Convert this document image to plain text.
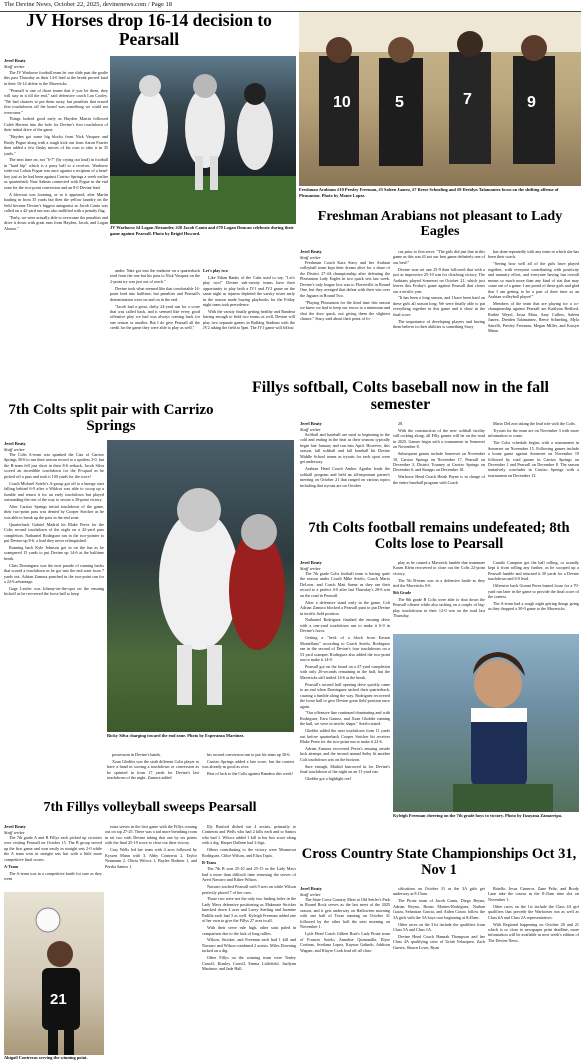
The Devine News, October 22, 2025, devinenews.com / Page 18
JV Horses drop 16-14 decision to Pearsall
Jerel Beaty
Staff writer

The JV Warhorse football team let one slide past the goalie this past Thursday as their 14-0 lead at the break proved fatal in their 16-14 defeat to the Mavericks.

"Pearsall is one of those teams that if you let them, they will stay in it till the end," said defensive coach Lon Cooley. "We had chances to put them away, but penalties that erased first touchdowns off the board was something we could not overcome."

Things looked good early as Hayden Martin followed Caleb Herrera into the hole for Devine's first touchdown of their initial drive of the game.

"Hayden got some big blocks from Nick Vasquez and Brody Pogue along with a tough kick out from Aaron Frazier then added a few flashy moves of his own to take it in 35 yards."

The next time on, not "6-7" (by crying out loud) in football in "hard hip" which is a pony ball to a receiver. Warhorse wide-out Colton Pogue was once against a recipient of a head-boy just as he had been against Carrizo Springs a week earlier as quarterback Nate Salinas connected with Pogue in the end zone for the two-point conversion and an 8-0 Devine lead.

A blowout was looming, or so it appeared, after Martin hauling in from 35 yards but then the yellow laundry on the field became Devine's biggest antagonist as Jacob Cantu was called on a 42-yard run was also nullified with a penalty flag.

"Early, we were actually able to overcome the penalties and drive it down with great runs from Hayden, Jacob, and Logan Alonzo."	JV Warhorse #4 Logan Alexander, #20 Jacob Cantu and #70 Logan Duncan celebrate during their game against Pearsall. Photo by Brigid Howard.

under. Nate got into the endzone on a quarterback read from the one but his pass to Nick Vasquez on the 2-point try was just out of reach."

Devine took what seemed like that comfortable 14-point lead into halftime, but penalties and Pearsall's determination wore on and on in the end.

"Jacob had a great, shifty 24-yard run for a score that was called back, and it seemed like every good offensive play we had was always coming back for one reason or another. But I do give Pearsall all the credit for the game they were able to play as well."

Let's play two

Like Ethan Banks of the Cubs used to say, "Let's play two!" Devine sub-varsity teams have their opportunity to play both a JV1 and JV2 game on the same night as injuries depleted the varsity roster early in the season made buying playbooks for the Friday night team took precedence.

With the varsity finally getting healthy and Bandera having enough to field two teams as well, Devine will play two separate games in Bulldog Stadium with the JV2 taking the field at 5pm. The JV1 game will follow.

10	5	7	9
Freshman Arabians #10 Presley Freeman, #5 Saleen Juarez, #7 Reese Schneling and #9 Dreidyn Talamantez focus on the shifting offense of Pleasanton. Photo by Monte Lopez.
Freshman Arabians not pleasant to Lady Eagles
Jerel Beaty
Staff writer

Freshman Coach Kara Stacy and her Arabian volleyball team kept their dream alive for a share of the District 27-4A championship after defeating the Pleasanton Lady Eagles in two quick sets last week. Devine's only league loss was to Floresville in Round One, but they avenged that defeat with their win over the Jaguars in Round Two.

"Playing Pleasanton for the third time this season we knew we had to keep our errors to a minimum and shut the door quick, not giving them the slightest chance," Stacy said about their point of fo-

cus prior to first serve. "The girls did just that in this game as this was ill not our best game definitely one of our best!"

Devine won set one 25-9 then followed that with a just as impressive 25-10 win for clinching victory. The Arabians played Somerset on October 21, which just leaves this Friday's game against Pearsall that closes out a terrific year.

"It has been a long season, and I have been hard on these girls all season long. We were finally able to put everything together in this game and it show in the final score.

The importance of developing players and having them believe in their abilities is something Stacy

has done repeatedly with any team in which she has been their coach.

"Seeing how well all of the girls have played together, with everyone contributing with positivity and maturity effort, and everyone having fun overall means so much more than any kind of stat that may come out of a game. I am proud of these girls and glad that I am getting to be a part of their time as an Arabian volleyball player!"

Members of the team that are playing for a co-championship against Pearsall are Kaitlynn Bedford, Ruthie Weyel, Jossa Mata, Amy Cullers, Saleen Juarez, Dreiden Talamantez, Reese Schneling, Myla Satrelli, Presley Freeman, Megan Miller, and Karsyn Mann.

Fillys softball, Colts baseball now in the fall semester
Jerel Beaty
Staff writer

Softball and baseball are used to beginning in the cold and ending in the heat as their seasons typically begin late January and run into April. However, this season, fall softball and fall baseball hit Devine Middle School teams as tryouts for each sport were get underway.

Arabian Head Coach Amber Aguilar leads the softball program and held an all-important parent's meeting on October 21 that ranged on various topics including that tryouts are on October

28.

With the construction of the new softball facility still rocking along, all Filly games will be on the road in 2025. Games begin with a tournament in Somerset on November 8.

Subsequent games include Somerset on November 10, Carrizo Springs on November 17, Pearsall on December 3, District Tourney at Carrizo Springs on December 6, and Knapps on December 10.

Warhorse Head Coach Heath Payne is in charge of the entire baseball program with Coach

Mario DeLeon taking the lead role with the Colts.

Tryouts for the team are on November 3 with more information to come.

The Colts schedule begins with a tournament in Somerset on November 15. Following games include a home game against Somerset on November 19 followed by road games in Carrizo Springs on December 1 and Pearsall on December 8. The season tentatively concludes in Carrizo Springs with a tournament on December 13.

7th Colts split pair with Carrizo Springs
Jerel Beaty
Staff writer

The Colts A-team was spanked the Cats of Carrizo Springs 30-6 to run their season record to a spotless 3-0, but the B-team fell just short in their 8-6 setback. Jacob Silva scored an incredible touchdown for the B-squad as he picked off a pass and took it 100 yards for the score!

Coach Michael Sotelo's A-group got off to a bumpy start falling behind 6-0 after a Wildcat was able to scoop up a fumble and return it for an early touchdown but played outstanding the rest of the way to secure a 30-point victory.

After Carrizo Springs initial touchdown of the game, their two-point pass was denied by Cooper Stricker as he was able to break up the pass in the end zone.

Quarterback Gabriel Madrid hit Blake Perez for the Colts second touchdown of the night on a 42-yard pass completion. Nathaniel Rodriguez ran in the two-pointer to put Devine up 8-6, a lead they never relinquished.

Running back Kyle Johnson got in on the fun as he scampered 15 yards to put Devine up 14-6 at the halftime break.

Chris Dominguez was the next parade of running backs that scored a touchdown as he got into the end zone from 7 yards out. Adrian Zamora punched in the two-point run for a 22-6 advantage.

Gage Lawler was Johnny-on-the-spot on the ensuing kickoff as he recovered the loose ball to keep

Ricky Silva charging toward the end zone. Photo by Esperanza Martinez.

possession in Devine's hands.

Xzan Gloditis was the sixth different Colts player to have a hand in scoring a touchdown or conversion as he sprinted in from 17 yards for Devine's last touchdown of the night. Zamora added

his second conversion run to put his team up 30-6.

Carrizo Springs added a late score, but the contest was already as good as over.

Best of luck to the Colts against Bandera this week!

7th Colts football remains undefeated; 8th Colts lose to Pearsall
Jerel Beaty
Staff writer

The 7th grade Colts football team is having quite the season under Coach Mike Sotelo, Coach Mario DeLeon, and Coach Matt Saenz as they ran their record to a perfect 4-0 after last Thursday's 28-6 win on the road in Pearsall.

After a defensive stand early in the game, Colt Adrian Zamora blocked a Pearsall punt to put Devine in terrific field position.

Nathaniel Rodriguez finished the ensuing drive with a one-yard touchdown run to make it 6-0 in Devine's favor.

Getting a "heck of a block from Easton Montellano" according to Coach Sotelo, Rodriguez ran in the second of Devine's four touchdowns on a 53 yard scamper. Rodriguez also added the two-point run to make it 14-0.

Pearsall got on the board on a 47-yard completion with only 26-seconds remaining in the half, but the Mavericks still trailed 14-6 at the break.

Pearsall's second half opening drive quickly came to an end when Dominguez sacked their quarterback, causing a fumble along the way. Rodriguez recovered the loose ball to give Devine great field position once again.

"Our offensive line continued dominating and with Rodriguez, Ezra Gamez, and Xzan Gloddie running the ball, we were in terrific shape," Sotelo stated.

Gloddie added the next touchdown from 11 yards out before quarterback Cooper Stricker hit receiver Blake Perez for the two-point run to make it 22-6.

Adrian Zamora recovered Perez's ensuing onside kick attempt, and the second annual Sethy lit another Colt touchdown was on the horizon.

Sure enough, Madrid burrowed in for Devine's final touchdown of the night on an 11-yard run.

Gloddie got a highlight reel

play as he caused a Maverick fumble that teammate Kasen Klein recovered to close out the Colts 22-point victory.

The 7th B-team was in a defensive battle as they tied the Mavericks 0-0.

8th Grade

The 8th grade B Colts were able to shut down the Pearsall offense while also tacking on a couple of big-play touchdowns in their 12-0 win on the road last Thursday.

Camilo Campion got the ball rolling, or actually kept it from rolling any further, as he scooped up a Pearsall fumble and returned it 30 yards for a Devine touchdown and 6-0 lead.

Offensive back Gionni Perez busted loose for a 70-yard run later in the game to provide the final score of the contest.

The A-team had a rough night getting things going as they dropped a 30-0 game to the Mavericks.

Kyleigh Freeman cheering on the 7th grade boys to victory. Photo by Itzayana Zamarripa.
7th Fillys volleyball sweeps Pearsall
Jerel Beaty
Staff writer

The 7th grade A and B Fillys each picked up victories over visiting Pearsall on October 15. The B group served up the first game and won easily in straight sets 2-0 while the A team won in straight sets but with a little more competitive final scores.

A-Team

The A-team was in a competitive battle for sure as they went

21
Abigail Contreras serving the winning point.

extra serves in the first game with the Fillys coming out on top 27-25. There was a tad more breathing room in set two with Devine taking that one by six points with the final 25-19 score to close out their victory.

Cary Wells led her team with 4 aces followed by Kyssen Mann with 3, Abby Contreras 2, Taylor Neumann 2, Olivia Wilcox 1, Baylee Bodiner 1, and Persha Santos 1.

Illy Burford dished out 4 assists, primarily to Contreras and Wells who had 2 kills each and to Santos who had 1. Wilcox added 1 kill to her box score along with a dig. Harper Dullene had 2 digs.

Others contributing to the victory were Monserrat Rodriguez, Chloe Wilson, and Eliza Tapia.

B-Team

The 7th B won 25-10 and 25-15 as the Lady Mavs had a more than difficult time returning the serves of Averi Navarro and Kthee Wilson.

Navarro torched Pearsall with 9 aces on while Wilson perfectly placed 7 of her own.

Those two were not the only two finding holes in the Lady Mavs defensive positioning as Makenzie Stricker knocked down 4 aces and Lacey Sterling and Jazmine Padilla each had 3 as well. Kyleigh Freeman added one of her own to give the Fillys 27 aces in all.

With their serve rule high, other stats paled in comparison due to the lack of long rallies.

Wilson, Stricker, and Freeman each had 1 kill and Navarro and Wilson combined 2 assists. Miles Downing tacked on a dig.

Other Fillys on the winning team were Tenley Carroll, Kinsley Carroll, Emma Littlefield, Jazilynn Martinez, and Jade Hall.

Cross Country State Championships Oct 31, Nov 1
Jerel Beaty
Staff writer

The State Cross Country Meet at Old Settler's Park in Round Rock serves as the last meet of the 2025 season, and it gets underway on Halloween morning with one half of Texas running on October 31 followed by the other half the next morning on November 1.

Lytle Head Coach Gilbert Ruiz's Lady Pirate team of Frances Sotelo, Annalise Quintanilla, Elyse Cortinas, Svetlana Lopez, Kayson Galindo, Addison Wagner, and Klayre Cook lead off all class-

sifications on October 31 as the 3A girls get underway at 8:15am.

The Pirate team of Jacob Cantu, Diego Reyna, Adrian Reyna, Bruno Montes-Rodriguez, Nathan Garza, Sebastian Garcia, and Aiden Castro follow the 3A girls with the 3A boys race beginning at 8:45am.

Other races on the 31st include the qualifiers from Class 5A and Class 1A.

Devine Head Coach Hannah Thompson and her Class 4A qualifying crew of Uriah Velazquez, Zach Guerra, Shawn Lowe, Ryan

Botello, Jesus Cisneros, Zane Peltz, and Brody Lane take the course in the 8:15am time slot on November 1.

Other races on the 1st include the Class 4A girl qualifiers that precede the Warhorses run as well as Class 6A and Class 2A representatives.

With Regional happening on October 20 and 21 which is so close to newspaper print deadline, more information will be available in next week's edition of The Devine News.
